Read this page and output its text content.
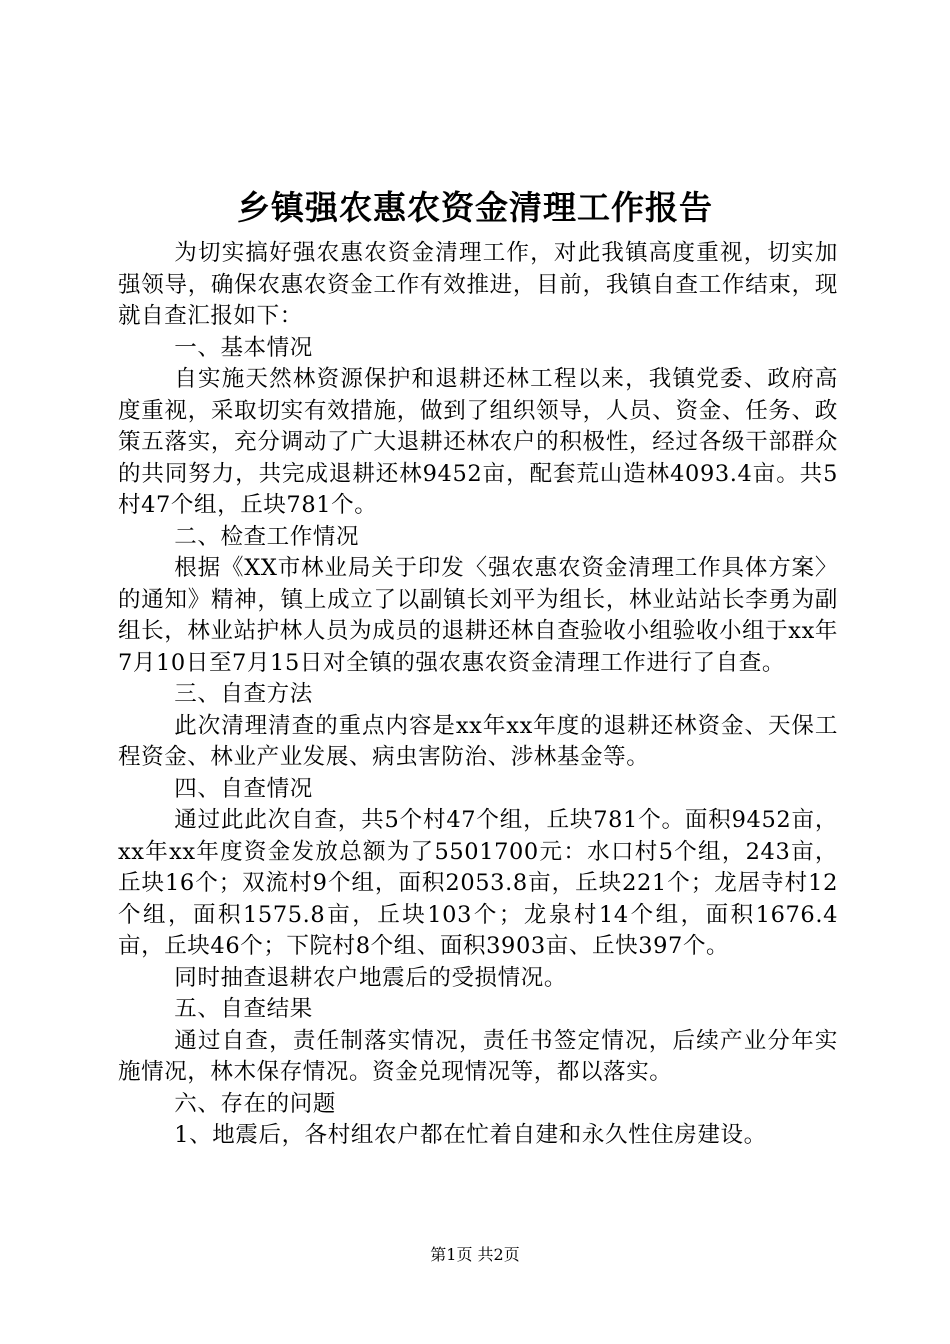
乡镇强农惠农资金清理工作报告

为切实搞好强农惠农资金清理工作，对此我镇高度重视，切实加强领导，确保农惠农资金工作有效推进，目前，我镇自查工作结束，现就自查汇报如下：

一、基本情况

自实施天然林资源保护和退耕还林工程以来，我镇党委、政府高度重视，采取切实有效措施，做到了组织领导，人员、资金、任务、政策五落实，充分调动了广大退耕还林农户的积极性，经过各级干部群众的共同努力，共完成退耕还林9452亩，配套荒山造林4093.4亩。共5村47个组，丘块781个。

二、检查工作情况

根据《XX市林业局关于印发〈强农惠农资金清理工作具体方案〉的通知》精神，镇上成立了以副镇长刘平为组长，林业站站长李勇为副组长，林业站护林人员为成员的退耕还林自查验收小组验收小组于xx年7月10日至7月15日对全镇的强农惠农资金清理工作进行了自查。

三、自查方法

此次清理清查的重点内容是xx年xx年度的退耕还林资金、天保工程资金、林业产业发展、病虫害防治、涉林基金等。

四、自查情况

通过此此次自查，共5个村47个组，丘块781个。面积9452亩，xx年xx年度资金发放总额为了5501700元：水口村5个组，243亩，丘块16个；双流村9个组，面积2053.8亩，丘块221个；龙居寺村12个组，面积1575.8亩，丘块103个；龙泉村14个组，面积1676.4亩，丘块46个；下院村8个组、面积3903亩、丘快397个。

同时抽查退耕农户地震后的受损情况。

五、自查结果

通过自查，责任制落实情况，责任书签定情况，后续产业分年实施情况，林木保存情况。资金兑现情况等，都以落实。

六、存在的问题

1、地震后，各村组农户都在忙着自建和永久性住房建设。

第1页 共2页
